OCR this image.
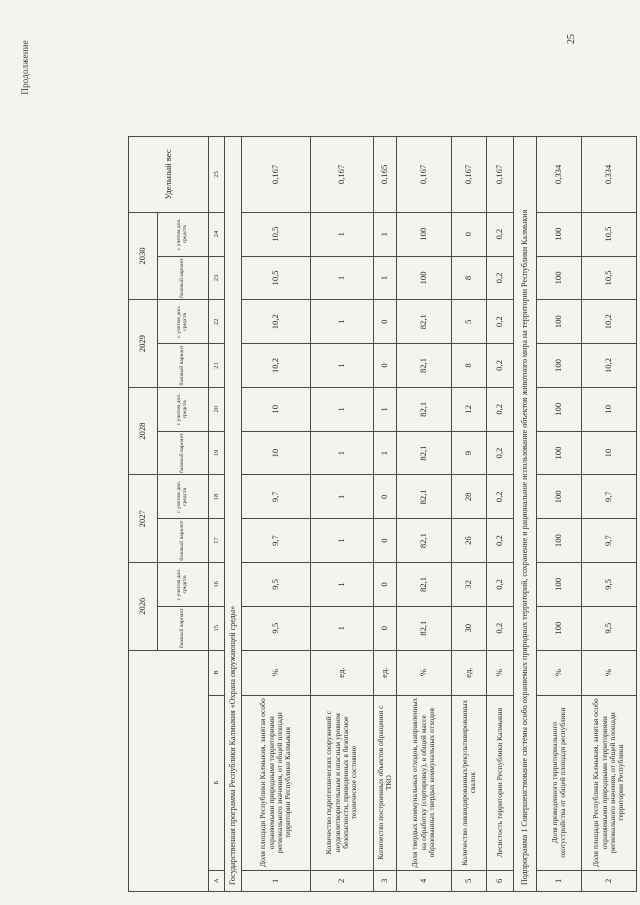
Продолжение
25
			2026		2027		2028		2029		2030		Удельный вес
			базовый вариант	с учетом доп. средств	базовый вариант	с учетом доп. средств	базовый вариант	с учетом доп. средств	базовый вариант	с учетом доп. средств	базовый вариант	с учетом доп. средств	
А	Б	В	15	16	17	18	19	20	21	22	23	24	25
Государственная программа Республики Калмыкия «Охрана окружающей среды»													
1	Доля площади Республики Калмыкия, занятая особо охраняемыми природными территориями регионального значения, от общей площади территории Республики Калмыкия	%	9,5	9,5	9,7	9,7	10	10	10,2	10,2	10,5	10,5	0,167
2	Количество гидротехнических сооружений с неудовлетворительным и опасным уровнем безопасности, приведенных в безопасное техническое состояние	ед.	1	1	1	1	1	1	1	1	1	1	0,167
3	Количество построенных объектов обращения с ТКО	ед.	0	0	0	0	1	1	0	0	1	1	0,165
4	Доля твердых коммунальных отходов, направленных на обработку (сортировку), в общей массе образованных твердых коммунальных отходов	%	82,1	82,1	82,1	82,1	82,1	82,1	82,1	82,1	100	100	0,167
5	Количество ликвидированных/рекультивированных свалок	ед.	30	32	26	28	9	12	8	5	8	0	0,167
6	Лесистость территории Республики Калмыкия	%	0,2	0,2	0,2	0,2	0,2	0,2	0,2	0,2	0,2	0,2	0,167
Подпрограмма 1 Совершенствование системы особо охраняемых природных территорий, сохранение и рациональное использование объектов животного мира на территории Республики Калмыкия													
1	Доля проведенного территориального охотустройства от общей площади республики	%	100	100	100	100	100	100	100	100	100	100	0,334
2	Доля площади Республики Калмыкия, занятая особо охраняемыми природными территориями регионального значения, от общей площади территории Республики	%	9,5	9,5	9,7	9,7	10	10	10,2	10,2	10,5	10,5	0,334
